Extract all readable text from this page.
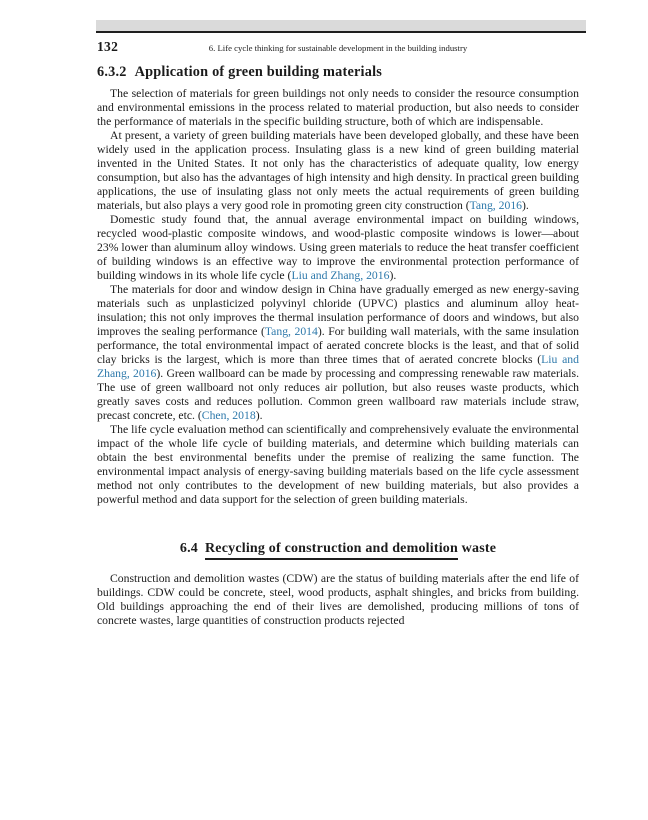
132	6. Life cycle thinking for sustainable development in the building industry
6.3.2 Application of green building materials

The selection of materials for green buildings not only needs to consider the resource consumption and environmental emissions in the process related to material production, but also needs to consider the performance of materials in the specific building structure, both of which are indispensable.

At present, a variety of green building materials have been developed globally, and these have been widely used in the application process. Insulating glass is a new kind of green building material invented in the United States. It not only has the characteristics of adequate quality, low energy consumption, but also has the advantages of high intensity and high density. In practical green building applications, the use of insulating glass not only meets the actual requirements of green building materials, but also plays a very good role in promoting green city construction (Tang, 2016).

Domestic study found that, the annual average environmental impact on building windows, recycled wood-plastic composite windows, and wood-plastic composite windows is lower—about 23% lower than aluminum alloy windows. Using green materials to reduce the heat transfer coefficient of building windows is an effective way to improve the environmental protection performance of building windows in its whole life cycle (Liu and Zhang, 2016).

The materials for door and window design in China have gradually emerged as new energy-saving materials such as unplasticized polyvinyl chloride (UPVC) plastics and aluminum alloy heat-insulation; this not only improves the thermal insulation performance of doors and windows, but also improves the sealing performance (Tang, 2014). For building wall materials, with the same insulation performance, the total environmental impact of aerated concrete blocks is the least, and that of solid clay bricks is the largest, which is more than three times that of aerated concrete blocks (Liu and Zhang, 2016). Green wallboard can be made by processing and compressing renewable raw materials. The use of green wallboard not only reduces air pollution, but also reuses waste products, which greatly saves costs and reduces pollution. Common green wallboard raw materials include straw, precast concrete, etc. (Chen, 2018).

The life cycle evaluation method can scientifically and comprehensively evaluate the environmental impact of the whole life cycle of building materials, and determine which building materials can obtain the best environmental benefits under the premise of realizing the same function. The environmental impact analysis of energy-saving building materials based on the life cycle assessment method not only contributes to the development of new building materials, but also provides a powerful method and data support for the selection of green building materials.

6.4 Recycling of construction and demolition waste

Construction and demolition wastes (CDW) are the status of building materials after the end life of buildings. CDW could be concrete, steel, wood products, asphalt shingles, and bricks from building. Old buildings approaching the end of their lives are demolished, producing millions of tons of concrete wastes, large quantities of construction products rejected
